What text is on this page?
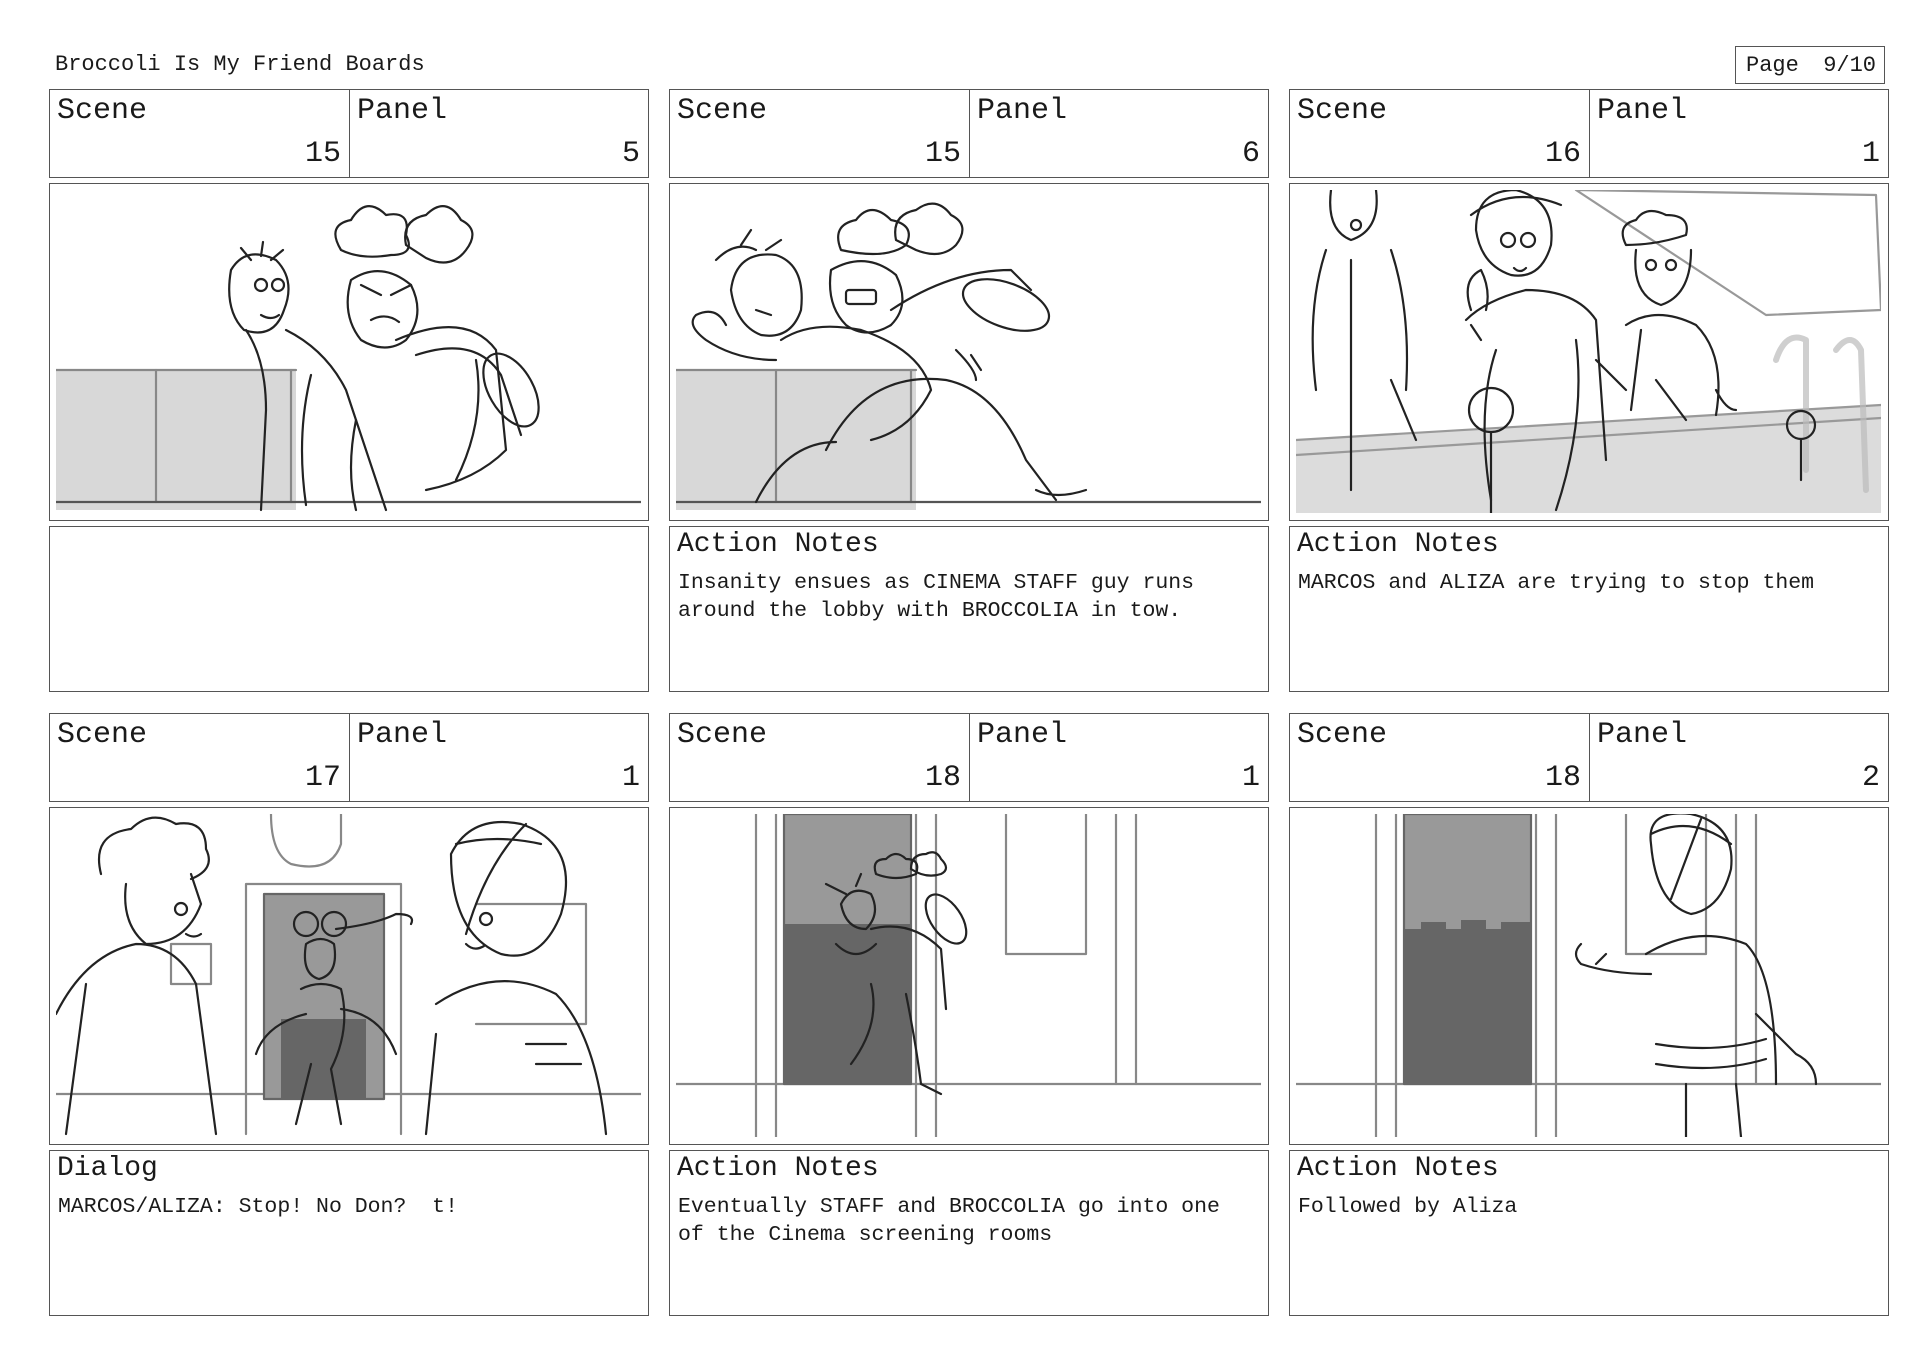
Broccoli Is My Friend Boards	Page 9/10
Scene
15
Panel
5
Scene
15
Panel
6
Action Notes
Insanity ensues as CINEMA STAFF guy runs
around the lobby with BROCCOLIA in tow.
Scene
16
Panel
1
Action Notes
MARCOS and ALIZA are trying to stop them
Scene
17
Panel
1
Dialog
MARCOS/ALIZA: Stop! No Don?  t!
Scene
18
Panel
1
Action Notes
Eventually STAFF and BROCCOLIA go into one
of the Cinema screening rooms
Scene
18
Panel
2
Action Notes
Followed by Aliza
